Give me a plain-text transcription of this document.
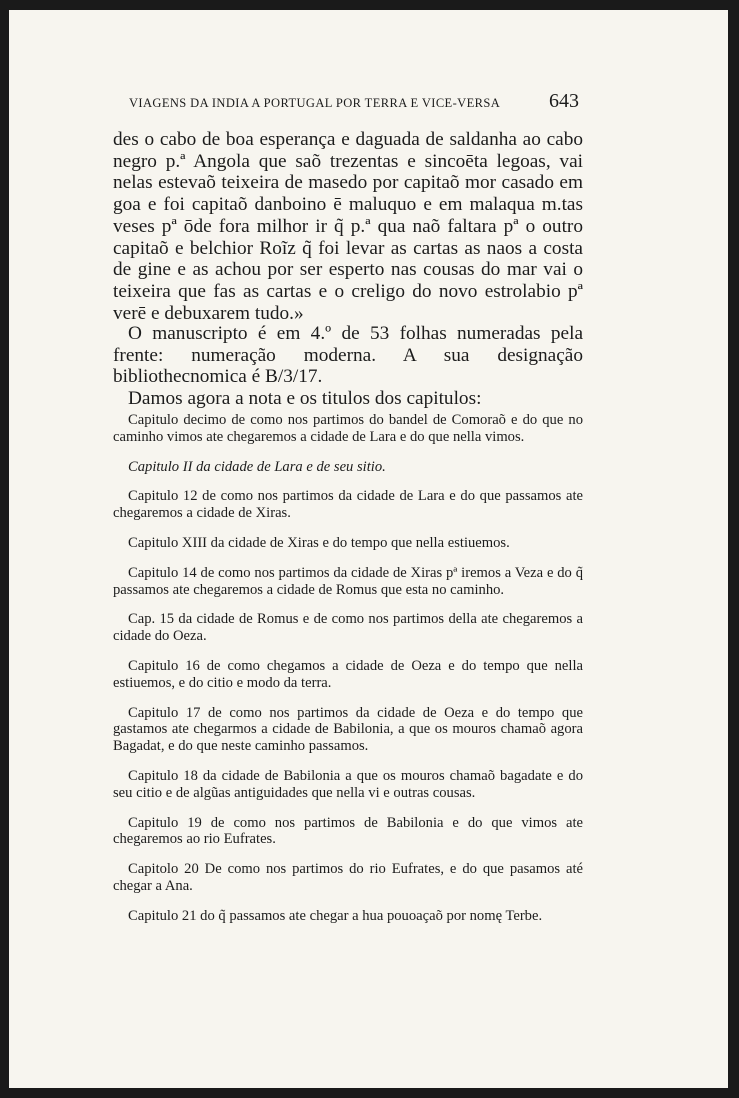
VIAGENS DA INDIA A PORTUGAL POR TERRA E VICE-VERSA 643

des o cabo de boa esperança e daguada de saldanha ao cabo negro p.ª Angola que saõ trezentas e sincoēta legoas, vai nelas estevaõ teixeira de masedo por capitaõ mor casado em goa e foi capitaõ danboino ē maluquo e em malaqua m.tas veses pª ōde fora milhor ir q̃ p.ª qua naõ faltara pª o outro capitaõ e belchior Roĩz q̃ foi levar as cartas as naos a costa de gine e as achou por ser esperto nas cousas do mar vai o teixeira que fas as cartas e o creligo do novo estrolabio pª verē e debuxarem tudo.»

O manuscripto é em 4.º de 53 folhas numeradas pela frente: numeração moderna. A sua designação bibliothecnomica é B/3/17.

Damos agora a nota e os titulos dos capitulos:

Capitulo decimo de como nos partimos do bandel de Comoraõ e do que no caminho vimos ate chegaremos a cidade de Lara e do que nella vimos.

Capitulo II da cidade de Lara e de seu sitio.

Capitulo 12 de como nos partimos da cidade de Lara e do que passamos ate chegaremos a cidade de Xiras.

Capitulo XIII da cidade de Xiras e do tempo que nella estiuemos.

Capitulo 14 de como nos partimos da cidade de Xiras pª iremos a Veza e do q̃ passamos ate chegaremos a cidade de Romus que esta no caminho.

Cap. 15 da cidade de Romus e de como nos partimos della ate chegaremos a cidade do Oeza.

Capitulo 16 de como chegamos a cidade de Oeza e do tempo que nella estiuemos, e do citio e modo da terra.

Capitulo 17 de como nos partimos da cidade de Oeza e do tempo que gastamos ate chegarmos a cidade de Babilonia, a que os mouros chamaõ agora Bagadat, e do que neste caminho passamos.

Capitulo 18 da cidade de Babilonia a que os mouros chamaõ bagadate e do seu citio e de algũas antiguidades que nella vi e outras cousas.

Capitulo 19 de como nos partimos de Babilonia e do que vimos ate chegaremos ao rio Eufrates.

Capitolo 20 De como nos partimos do rio Eufrates, e do que pasamos até chegar a Ana.

Capitulo 21 do q̃ passamos ate chegar a hua pouoaçaõ por nomę Terbe.
